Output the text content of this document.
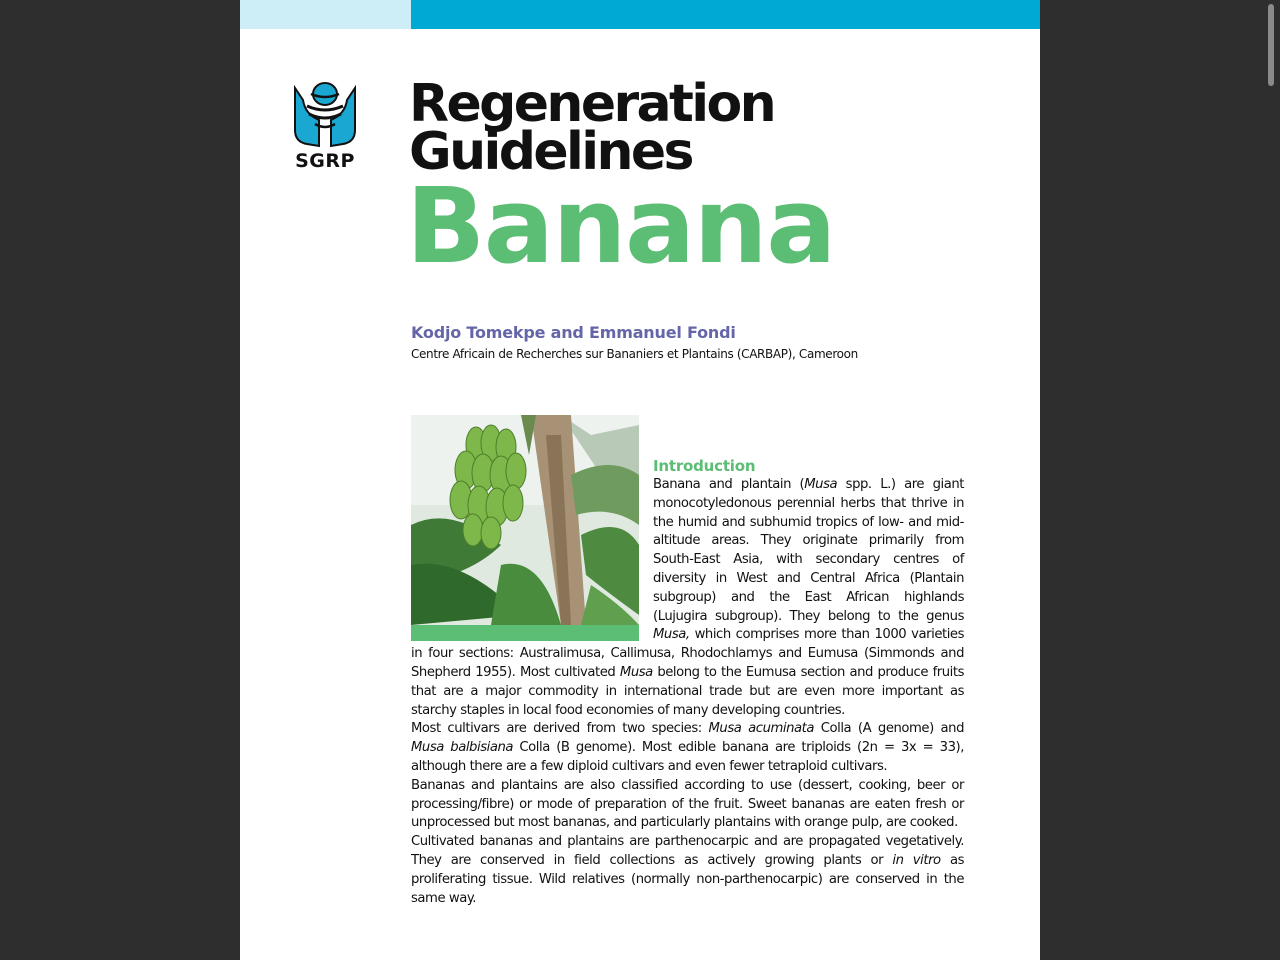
SGRP
Regeneration
Guidelines
Banana

Kodjo Tomekpe and Emmanuel Fondi

Centre Africain de Recherches sur Bananiers et Plantains (CARBAP), Cameroon

Introduction

Banana and plantain (Musa spp. L.) are giant monocotyledonous perennial herbs that thrive in the humid and subhumid tropics of low- and mid-altitude areas. They originate primarily from South-East Asia, with secondary centres of diversity in West and Central Africa (Plantain subgroup) and the East African highlands (Lujugira subgroup). They belong to the genus Musa, which comprises more than 1000 varieties in four sections: Australimusa, Callimusa, Rhodochlamys and Eumusa (Simmonds and Shepherd 1955). Most cultivated Musa belong to the Eumusa section and produce fruits that are a major commodity in international trade but are even more important as starchy staples in local food economies of many developing countries.

Most cultivars are derived from two species: Musa acuminata Colla (A genome) and Musa balbisiana Colla (B genome). Most edible banana are triploids (2n = 3x = 33), although there are a few diploid cultivars and even fewer tetraploid cultivars.

Bananas and plantains are also classified according to use (dessert, cooking, beer or processing/fibre) or mode of preparation of the fruit. Sweet bananas are eaten fresh or unprocessed but most bananas, and particularly plantains with orange pulp, are cooked.

Cultivated bananas and plantains are parthenocarpic and are propagated vegetatively. They are conserved in field collections as actively growing plants or in vitro as proliferating tissue. Wild relatives (normally non-parthenocarpic) are conserved in the same way.
